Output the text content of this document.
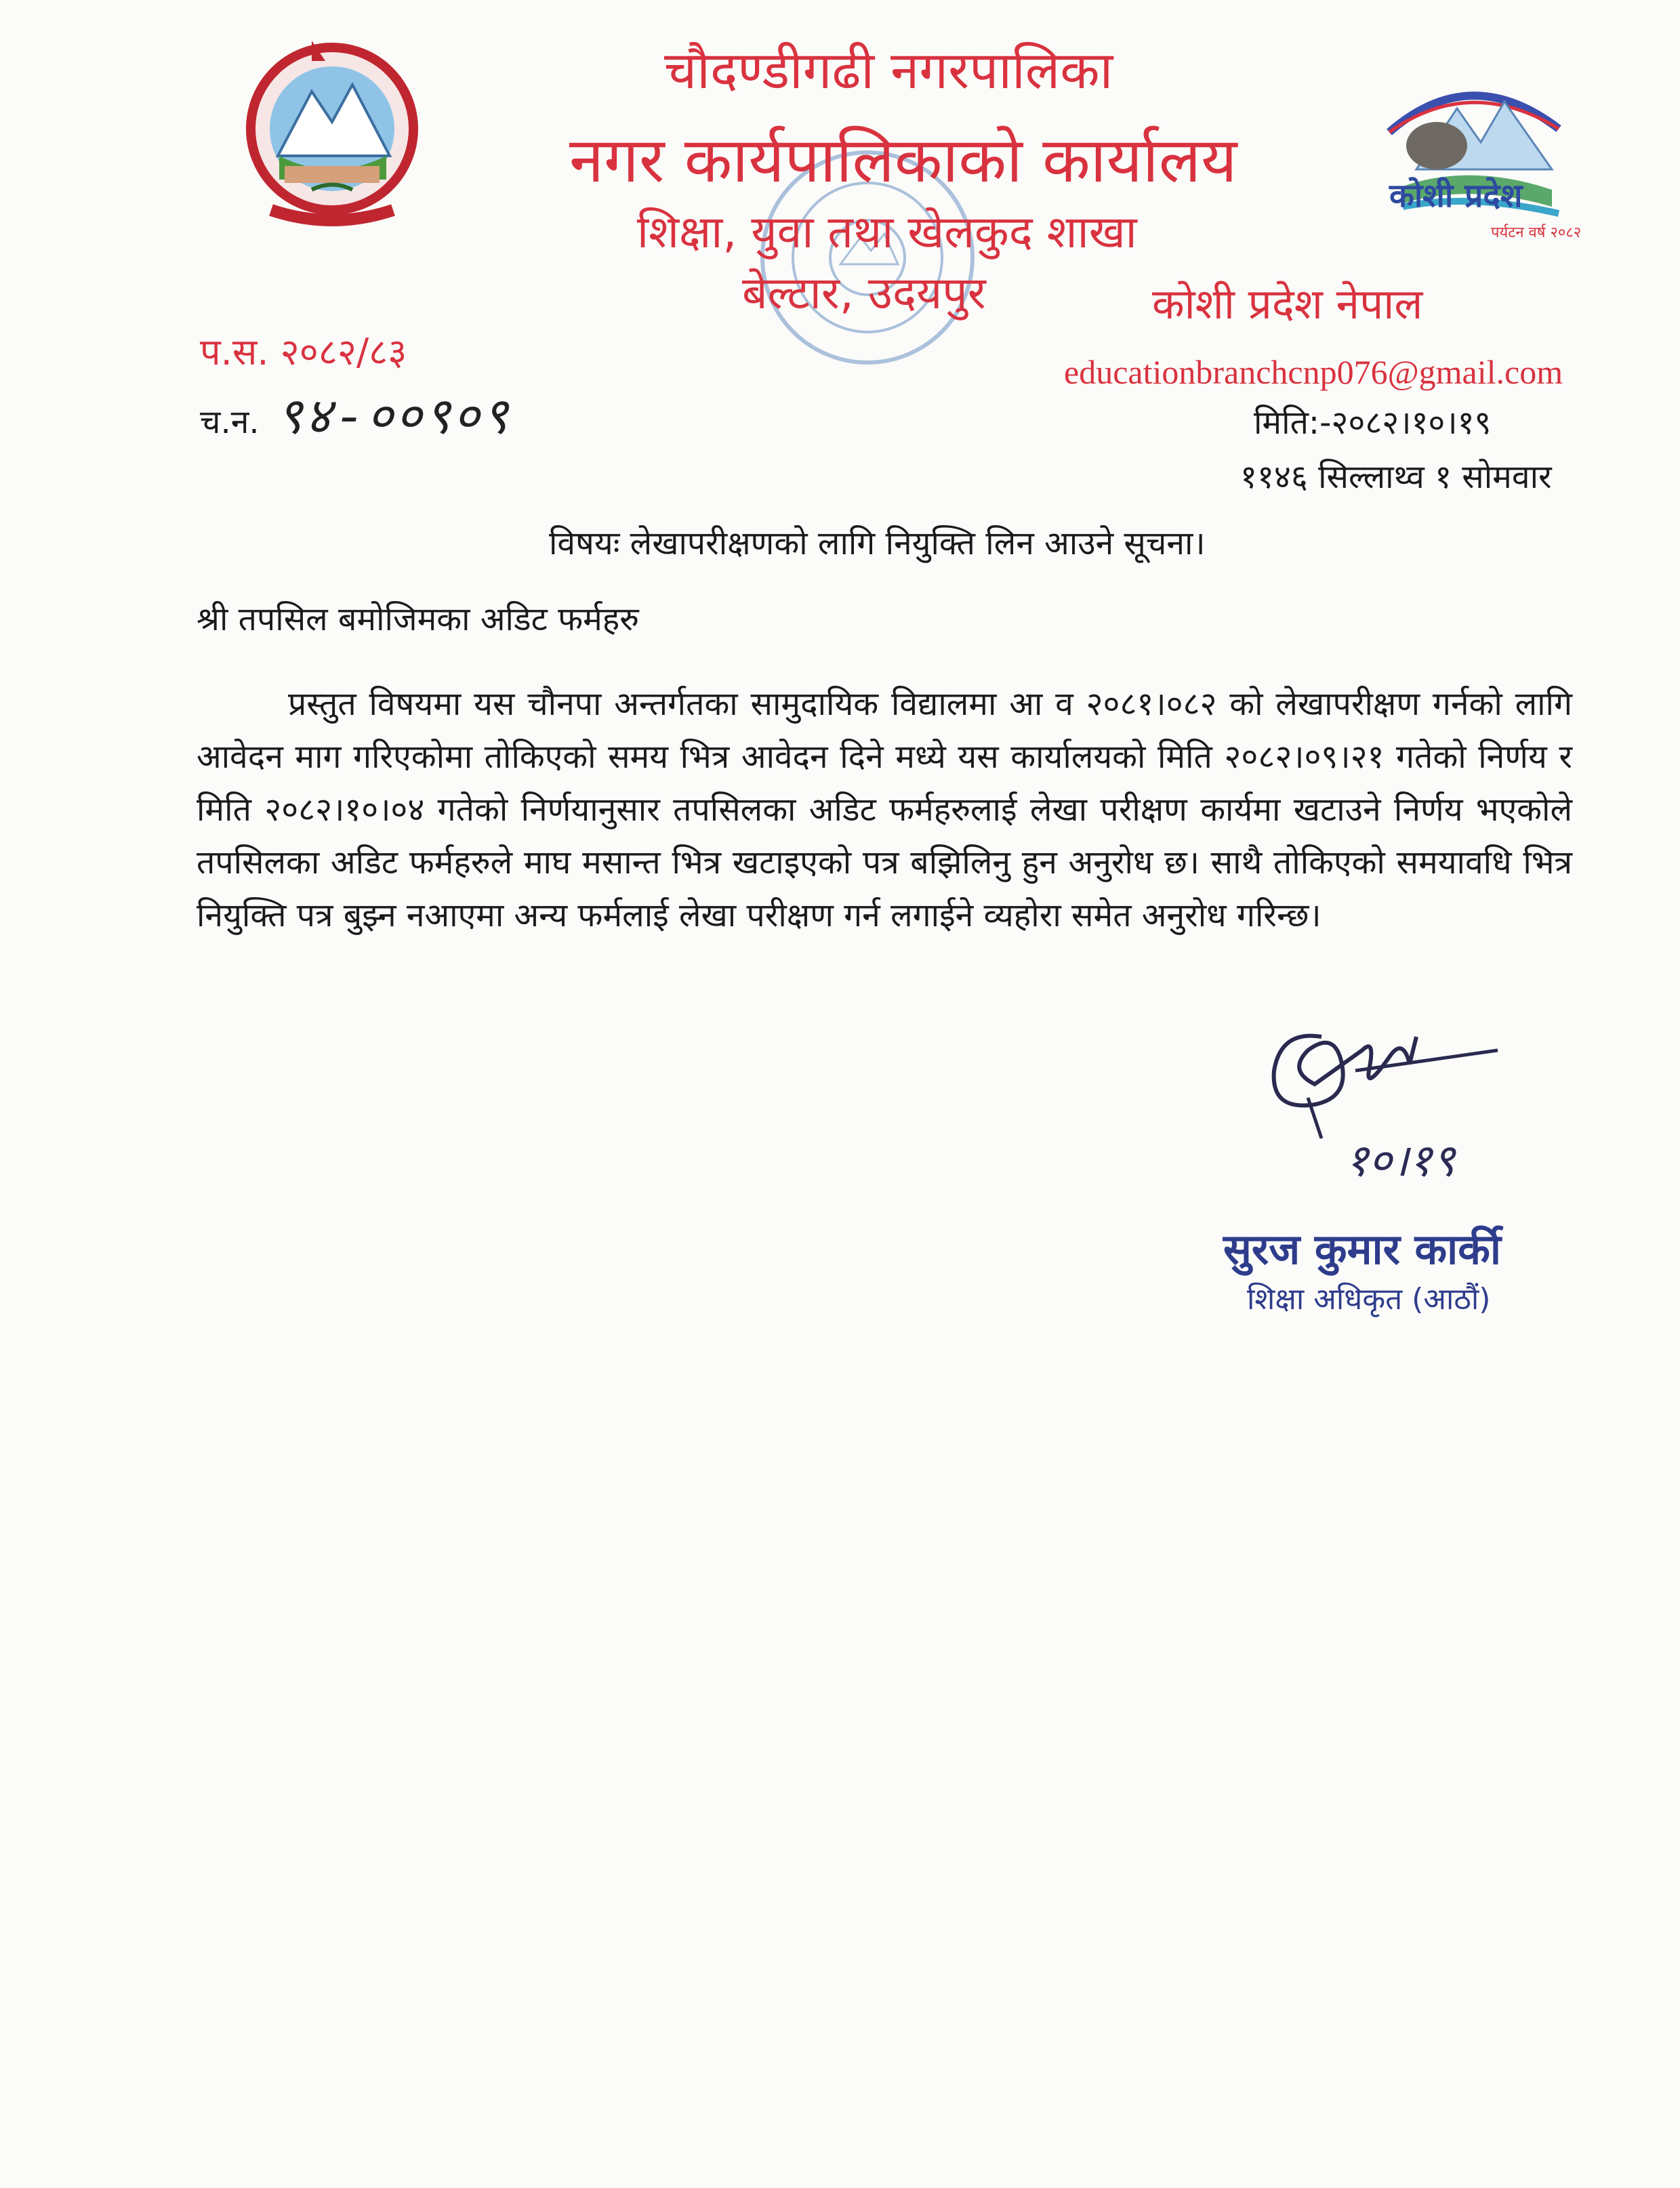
कोशी प्रदेश
पर्यटन वर्ष २०८२
चौदण्डीगढी नगरपालिका
नगर कार्यपालिकाको कार्यालय
शिक्षा, युवा तथा खेलकुद शाखा
बेल्टार, उदयपुर	कोशी प्रदेश नेपाल
educationbranchcnp076@gmail.com
प.स. २०८२/८३
च.न. ९४-००९०९	मिति:-२०८२।१०।१९
११४६ सिल्लाथ्व १ सोमवार
विषयः लेखापरीक्षणको लागि नियुक्ति लिन आउने सूचना।
श्री तपसिल बमोजिमका अडिट फर्महरु
प्रस्तुत विषयमा यस चौनपा अन्तर्गतका सामुदायिक विद्यालमा आ व २०८१।०८२ को लेखापरीक्षण गर्नको लागि आवेदन माग गरिएकोमा तोकिएको समय भित्र आवेदन दिने मध्ये यस कार्यालयको मिति २०८२।०९।२१ गतेको निर्णय र मिति २०८२।१०।०४ गतेको निर्णयानुसार तपसिलका अडिट फर्महरुलाई लेखा परीक्षण कार्यमा खटाउने निर्णय भएकोले तपसिलका अडिट फर्महरुले माघ मसान्त भित्र खटाइएको पत्र बझिलिनु हुन अनुरोध छ। साथै तोकिएको समयावधि भित्र नियुक्ति पत्र बुझ्न नआएमा अन्य फर्मलाई लेखा परीक्षण गर्न लगाईने व्यहोरा समेत अनुरोध गरिन्छ।
१०।१९
सुरज कुमार कार्की
शिक्षा अधिकृत (आठौं)
